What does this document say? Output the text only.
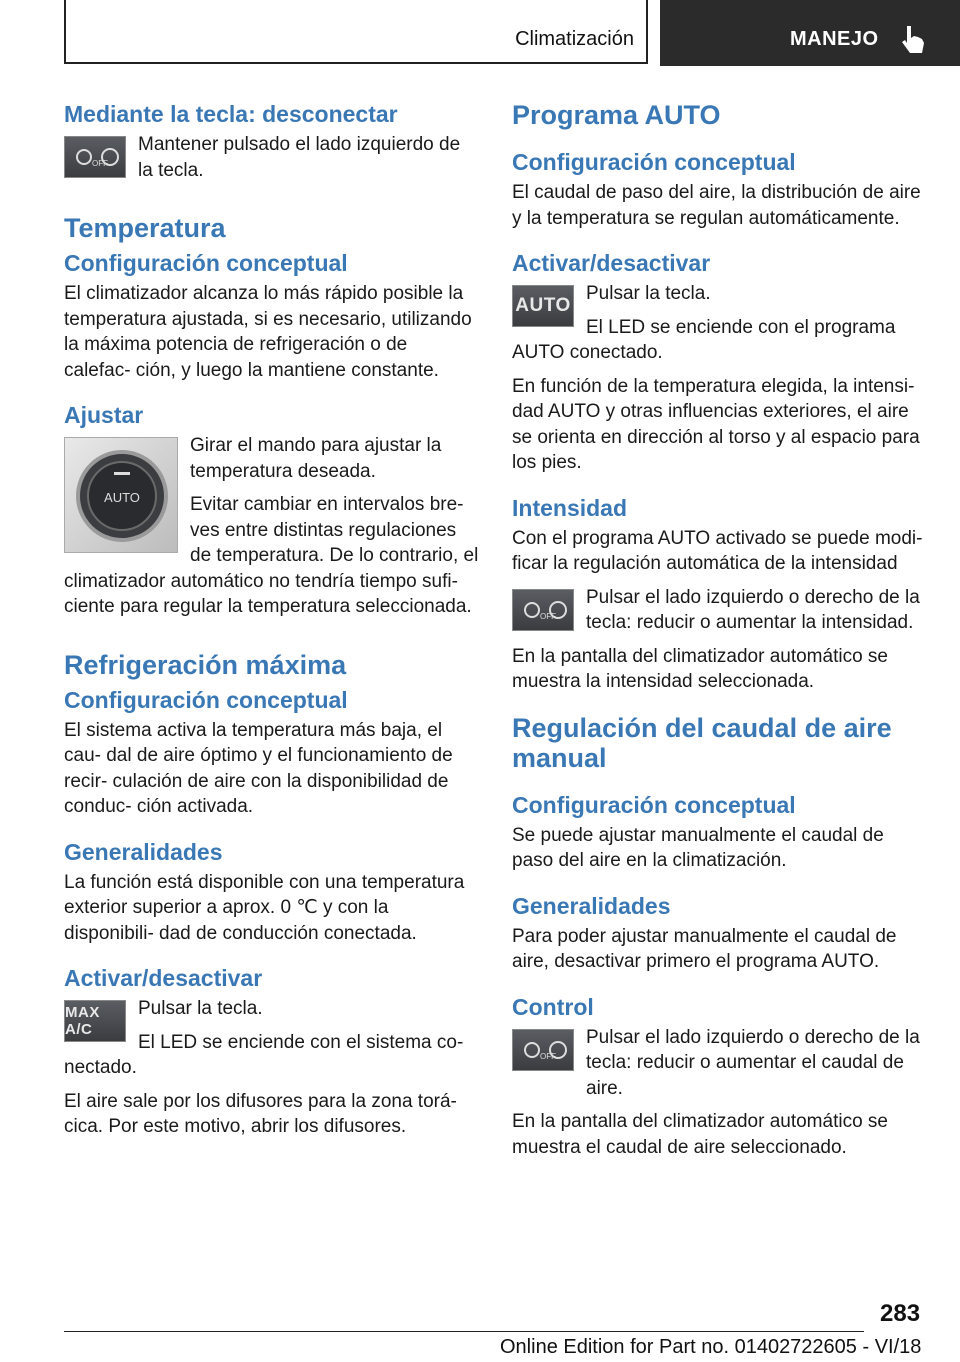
Climatización	MANEJO
Mediante la tecla: desconectar
OFF

Mantener pulsado el lado izquierdo de la tecla.

Temperatura
Configuración conceptual

El climatizador alcanza lo más rápido posible la temperatura ajustada, si es necesario, utilizando la máxima potencia de refrigeración o de calefac- ción, y luego la mantiene constante.

Ajustar
AUTO

Girar el mando para ajustar la temperatura deseada.

Evitar cambiar en intervalos bre- ves entre distintas regulaciones de temperatura. De lo contrario, el climatizador automático no tendría tiempo sufi- ciente para regular la temperatura seleccionada.

Refrigeración máxima
Configuración conceptual

El sistema activa la temperatura más baja, el cau- dal de aire óptimo y el funcionamiento de recir- culación de aire con la disponibilidad de conduc- ción activada.

Generalidades

La función está disponible con una temperatura exterior superior a aprox. 0 ℃ y con la disponibili- dad de conducción conectada.

Activar/desactivar
MAX A/C

Pulsar la tecla.

El LED se enciende con el sistema co- nectado.

El aire sale por los difusores para la zona torá- cica. Por este motivo, abrir los difusores.

Programa AUTO
Configuración conceptual

El caudal de paso del aire, la distribución de aire y la temperatura se regulan automáticamente.

Activar/desactivar
AUTO

Pulsar la tecla.

El LED se enciende con el programa AUTO conectado.

En función de la temperatura elegida, la intensi- dad AUTO y otras influencias exteriores, el aire se orienta en dirección al torso y al espacio para los pies.

Intensidad

Con el programa AUTO activado se puede modi- ficar la regulación automática de la intensidad

OFF

Pulsar el lado izquierdo o derecho de la tecla: reducir o aumentar la intensidad.

En la pantalla del climatizador automático se muestra la intensidad seleccionada.

Regulación del caudal de aire manual
Configuración conceptual

Se puede ajustar manualmente el caudal de paso del aire en la climatización.

Generalidades

Para poder ajustar manualmente el caudal de aire, desactivar primero el programa AUTO.

Control
OFF

Pulsar el lado izquierdo o derecho de la tecla: reducir o aumentar el caudal de aire.

En la pantalla del climatizador automático se muestra el caudal de aire seleccionado.

283
Online Edition for Part no. 01402722605 - VI/18
